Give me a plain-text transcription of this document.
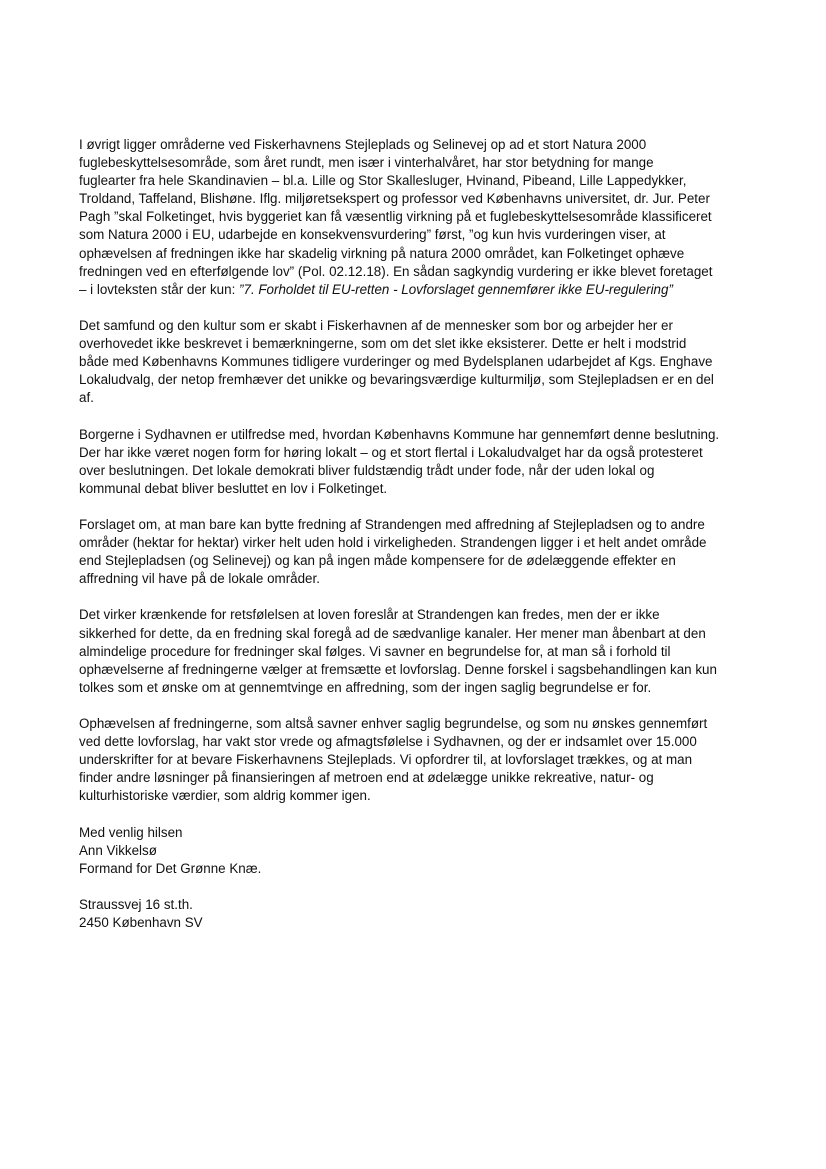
I øvrigt ligger områderne ved Fiskerhavnens Stejleplads og Selinevej op ad et stort Natura 2000
fuglebeskyttelsesområde, som året rundt, men især i vinterhalvåret, har stor betydning for mange
fuglearter fra hele Skandinavien – bl.a. Lille og Stor Skallesluger, Hvinand, Pibeand, Lille Lappedykker,
Troldand, Taffeland, Blishøne. Iflg. miljøretsekspert og professor ved Københavns universitet, dr. Jur. Peter
Pagh ”skal Folketinget, hvis byggeriet kan få væsentlig virkning på et fuglebeskyttelsesområde klassificeret
som Natura 2000 i EU, udarbejde en konsekvensvurdering” først, ”og kun hvis vurderingen viser, at
ophævelsen af fredningen ikke har skadelig virkning på natura 2000 området, kan Folketinget ophæve
fredningen ved en efterfølgende lov” (Pol. 02.12.18). En sådan sagkyndig vurdering er ikke blevet foretaget
– i lovteksten står der kun: ”7. Forholdet til EU-retten - Lovforslaget gennemfører ikke EU-regulering”
Det samfund og den kultur som er skabt i Fiskerhavnen af de mennesker som bor og arbejder her er
overhovedet ikke beskrevet i bemærkningerne, som om det slet ikke eksisterer. Dette er helt i modstrid
både med Københavns Kommunes tidligere vurderinger og med Bydelsplanen udarbejdet af Kgs. Enghave
Lokaludvalg, der netop fremhæver det unikke og bevaringsværdige kulturmiljø, som Stejlepladsen er en del
af.
Borgerne i Sydhavnen er utilfredse med, hvordan Københavns Kommune har gennemført denne beslutning.
Der har ikke været nogen form for høring lokalt – og et stort flertal i Lokaludvalget har da også protesteret
over beslutningen. Det lokale demokrati bliver fuldstændig trådt under fode, når der uden lokal og
kommunal debat bliver besluttet en lov i Folketinget.
Forslaget om, at man bare kan bytte fredning af Strandengen med affredning af Stejlepladsen og to andre
områder (hektar for hektar) virker helt uden hold i virkeligheden. Strandengen ligger i et helt andet område
end Stejlepladsen (og Selinevej) og kan på ingen måde kompensere for de ødelæggende effekter en
affredning vil have på de lokale områder.
Det virker krænkende for retsfølelsen at loven foreslår at Strandengen kan fredes, men der er ikke
sikkerhed for dette, da en fredning skal foregå ad de sædvanlige kanaler. Her mener man åbenbart at den
almindelige procedure for fredninger skal følges. Vi savner en begrundelse for, at man så i forhold til
ophævelserne af fredningerne vælger at fremsætte et lovforslag. Denne forskel i sagsbehandlingen kan kun
tolkes som et ønske om at gennemtvinge en affredning, som der ingen saglig begrundelse er for.
Ophævelsen af fredningerne, som altså savner enhver saglig begrundelse, og som nu ønskes gennemført
ved dette lovforslag, har vakt stor vrede og afmagtsfølelse i Sydhavnen, og der er indsamlet over 15.000
underskrifter for at bevare Fiskerhavnens Stejleplads. Vi opfordrer til, at lovforslaget trækkes, og at man
finder andre løsninger på finansieringen af metroen end at ødelægge unikke rekreative, natur- og
kulturhistoriske værdier, som aldrig kommer igen.
Med venlig hilsen
Ann Vikkelsø
Formand for Det Grønne Knæ.
Straussvej 16 st.th.
2450 København SV
